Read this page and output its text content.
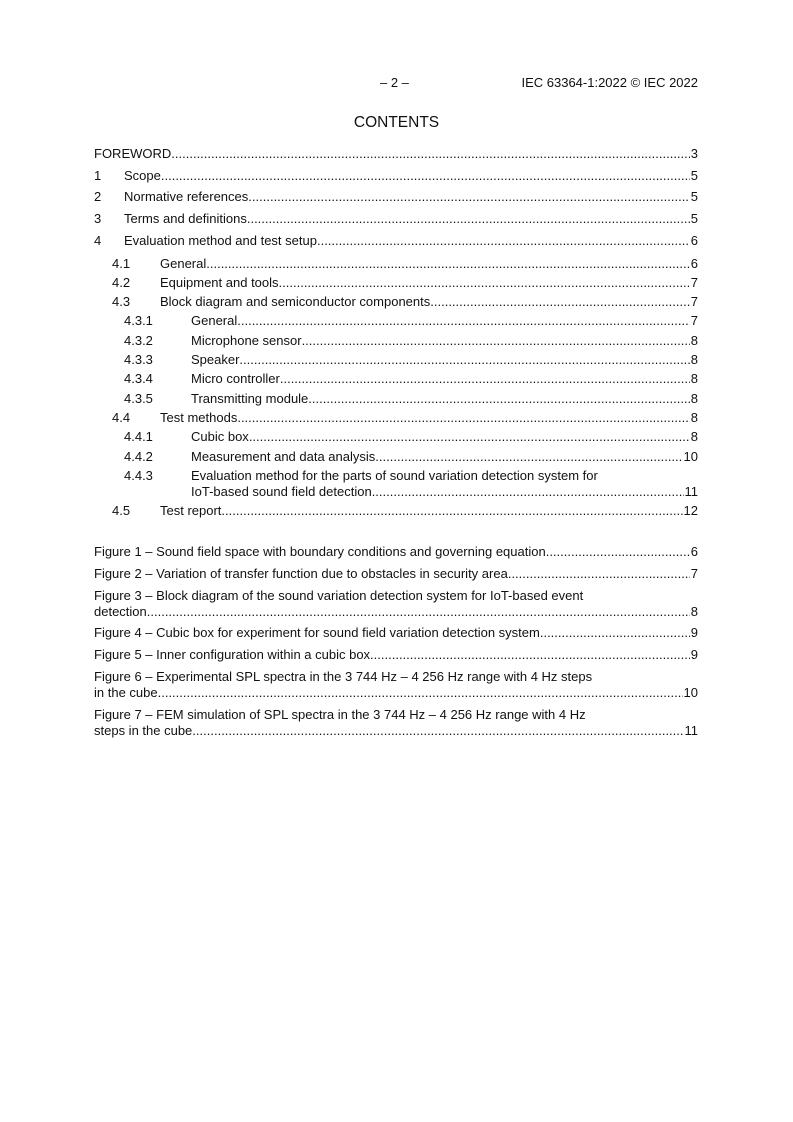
– 2 –	IEC 63364-1:2022 © IEC 2022
CONTENTS
FOREWORD .....	3
1	Scope .....	5
2	Normative references .....	5
3	Terms and definitions .....	5
4	Evaluation method and test setup .....	6
4.1	General .....	6
4.2	Equipment and tools .....	7
4.3	Block diagram and semiconductor components .....	7
4.3.1	General .....	7
4.3.2	Microphone sensor .....	8
4.3.3	Speaker .....	8
4.3.4	Micro controller .....	8
4.3.5	Transmitting module .....	8
4.4	Test methods .....	8
4.4.1	Cubic box .....	8
4.4.2	Measurement and data analysis .....	10
4.4.3	Evaluation method for the parts of sound variation detection system for
IoT-based sound field detection .....	11
4.5	Test report .....	12
Figure 1 – Sound field space with boundary conditions and governing equation .....	6
Figure 2 – Variation of transfer function due to obstacles in security area .....	7
Figure 3 – Block diagram of the sound variation detection system for IoT-based event
detection .....	8
Figure 4 – Cubic box for experiment for sound field variation detection system .....	9
Figure 5 – Inner configuration within a cubic box .....	9
Figure 6 – Experimental SPL spectra in the 3 744 Hz – 4 256 Hz range with 4 Hz steps
in the cube .....	10
Figure 7 – FEM simulation of SPL spectra in the 3 744 Hz – 4 256 Hz range with 4 Hz
steps in the cube .....	11
